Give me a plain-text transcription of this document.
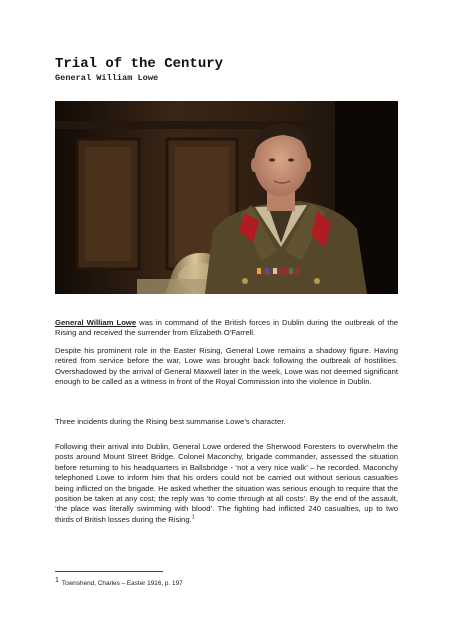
Trial of the Century
General William Lowe

General William Lowe was in command of the British forces in Dublin during the outbreak of the Rising and received the surrender from Elizabeth O'Farrell.

Despite his prominent role in the Easter Rising, General Lowe remains a shadowy figure. Having retired from service before the war, Lowe was brought back following the outbreak of hostilities. Overshadowed by the arrival of General Maxwell later in the week, Lowe was not deemed significant enough to be called as a witness in front of the Royal Commission into the violence in Dublin.

Three incidents during the Rising best summarise Lowe’s character.

Following their arrival into Dublin, General Lowe ordered the Sherwood Foresters to overwhelm the posts around Mount Street Bridge. Colonel Maconchy, brigade commander, assessed the situation before returning to his headquarters in Ballsbridge - ‘not a very nice walk’ – he recorded. Maconchy telephoned Lowe to inform him that his orders could not be carried out without serious casualties being inflicted on the brigade. He asked whether the situation was serious enough to require that the position be taken at any cost; the reply was ‘to come through at all costs’. By the end of the assault, ‘the place was literally swimming with blood’. The fighting had inflicted 240 casualties, up to two thirds of British losses during the Rising.$^1$

$^1$ Townshend, Charles – Easter 1916, p. 197
